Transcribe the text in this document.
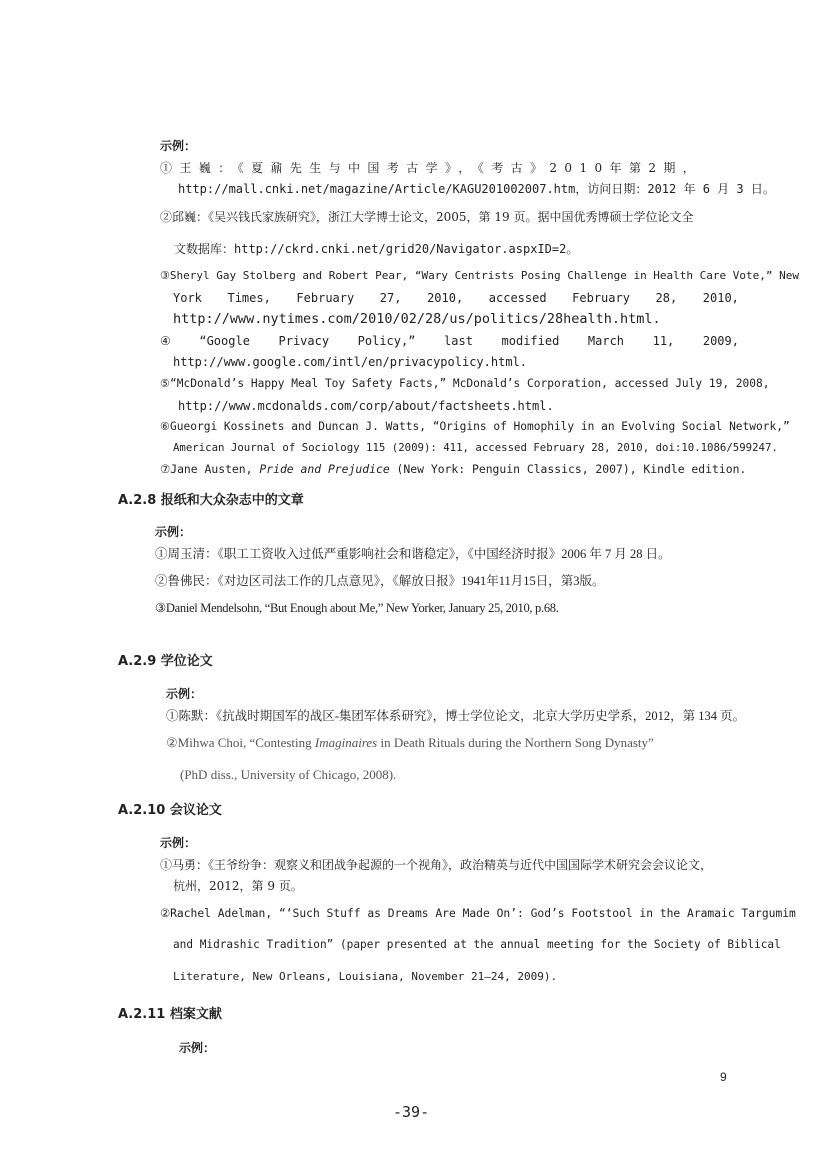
示例：
①王巍：《夏鼐先生与中国考古学》，《考古》2010年第2期，
http://mall.cnki.net/magazine/Article/KAGU201002007.htm，访问日期：2012 年 6 月 3 日。
②邱巍：《吴兴钱氏家族研究》，浙江大学博士论文，2005，第 19 页。据中国优秀博硕士学位论文全
文数据库：http://ckrd.cnki.net/grid20/Navigator.aspxID=2。
③Sheryl Gay Stolberg and Robert Pear, “Wary Centrists Posing Challenge in Health Care Vote,” New
York Times, February 27, 2010, accessed February 28, 2010,
http://www.nytimes.com/2010/02/28/us/politics/28health.html.
④ “Google Privacy Policy,” last modified March 11, 2009,
http://www.google.com/intl/en/privacypolicy.html.
⑤“McDonald’s Happy Meal Toy Safety Facts,” McDonald’s Corporation, accessed July 19, 2008,
http://www.mcdonalds.com/corp/about/factsheets.html.
⑥Gueorgi Kossinets and Duncan J. Watts, “Origins of Homophily in an Evolving Social Network,”
American Journal of Sociology 115 (2009): 411, accessed February 28, 2010, doi:10.1086/599247.
⑦Jane Austen, Pride and Prejudice (New York: Penguin Classics, 2007), Kindle edition.
A.2.8 报纸和大众杂志中的文章
示例：
①周玉清：《职工工资收入过低严重影响社会和谐稳定》，《中国经济时报》2006 年 7 月 28 日。
②鲁佛民：《对边区司法工作的几点意见》，《解放日报》1941年11月15日，第3版。
③Daniel Mendelsohn, “But Enough about Me,” New Yorker, January 25, 2010, p.68.
A.2.9 学位论文
示例：
①陈默：《抗战时期国军的战区-集团军体系研究》，博士学位论文，北京大学历史学系，2012，第 134 页。
②Mihwa Choi, “Contesting Imaginaires in Death Rituals during the Northern Song Dynasty”
(PhD diss., University of Chicago, 2008).
A.2.10 会议论文
示例：
①马勇：《王爷纷争：观察义和团战争起源的一个视角》，政治精英与近代中国国际学术研究会会议论文，
杭州，2012，第 9 页。
②Rachel Adelman, “‘Such Stuff as Dreams Are Made On’: God’s Footstool in the Aramaic Targumim
and Midrashic Tradition” (paper presented at the annual meeting for the Society of Biblical
Literature, New Orleans, Louisiana, November 21–24, 2009).
A.2.11 档案文献
示例：
9
-39-
